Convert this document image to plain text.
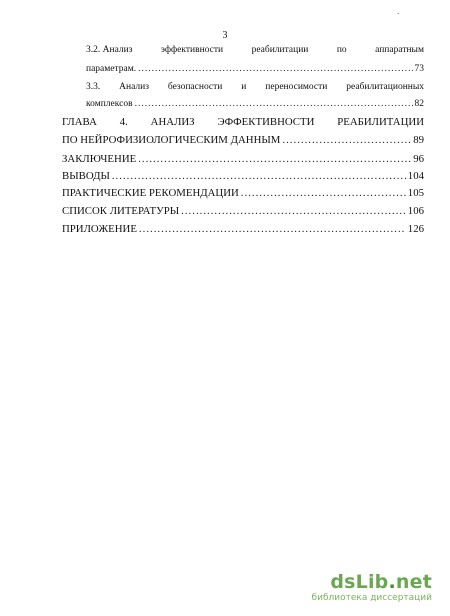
3
.
3.2. Анализ	эффективности	реабилитации	по	аппаратным
параметрам. .....	73
3.3. Анализ безопасности и переносимости реабилитационных
комплексов .....	82
ГЛАВА 4. АНАЛИЗ ЭФФЕКТИВНОСТИ РЕАБИЛИТАЦИИ
ПО НЕЙРОФИЗИОЛОГИЧЕСКИМ ДАННЫМ .....	89
ЗАКЛЮЧЕНИЕ .....	96
ВЫВОДЫ .....	104
ПРАКТИЧЕСКИЕ РЕКОМЕНДАЦИИ .....	105
СПИСОК ЛИТЕРАТУРЫ .....	106
ПРИЛОЖЕНИЕ .....	126
dsLib.net
библиотека диссертаций
